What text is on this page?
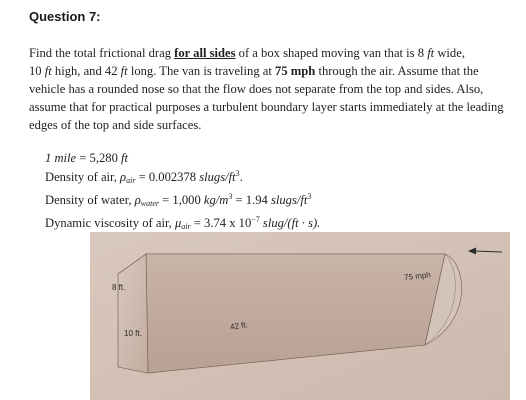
Question 7:
Find the total frictional drag for all sides of a box shaped moving van that is 8 ft wide,
10 ft high, and 42 ft long. The van is traveling at 75 mph through the air. Assume that the vehicle has a rounded nose so that the flow does not separate from the top and sides. Also, assume that for practical purposes a turbulent boundary layer starts immediately at the leading edges of the top and side surfaces.
1 mile = 5,280 ft
Density of air, $\rho_{air} = 0.002378$ slugs/$ft^3$.
Density of water, $\rho_{water} = 1,000$ $kg/m^3 = 1.94$ slugs/$ft^3$
Dynamic viscosity of air, $\mu_{air} = 3.74$ x $10^{-7}$ slug/(ft · s).
8 ft.
10 ft.
42 ft.
75 mph
